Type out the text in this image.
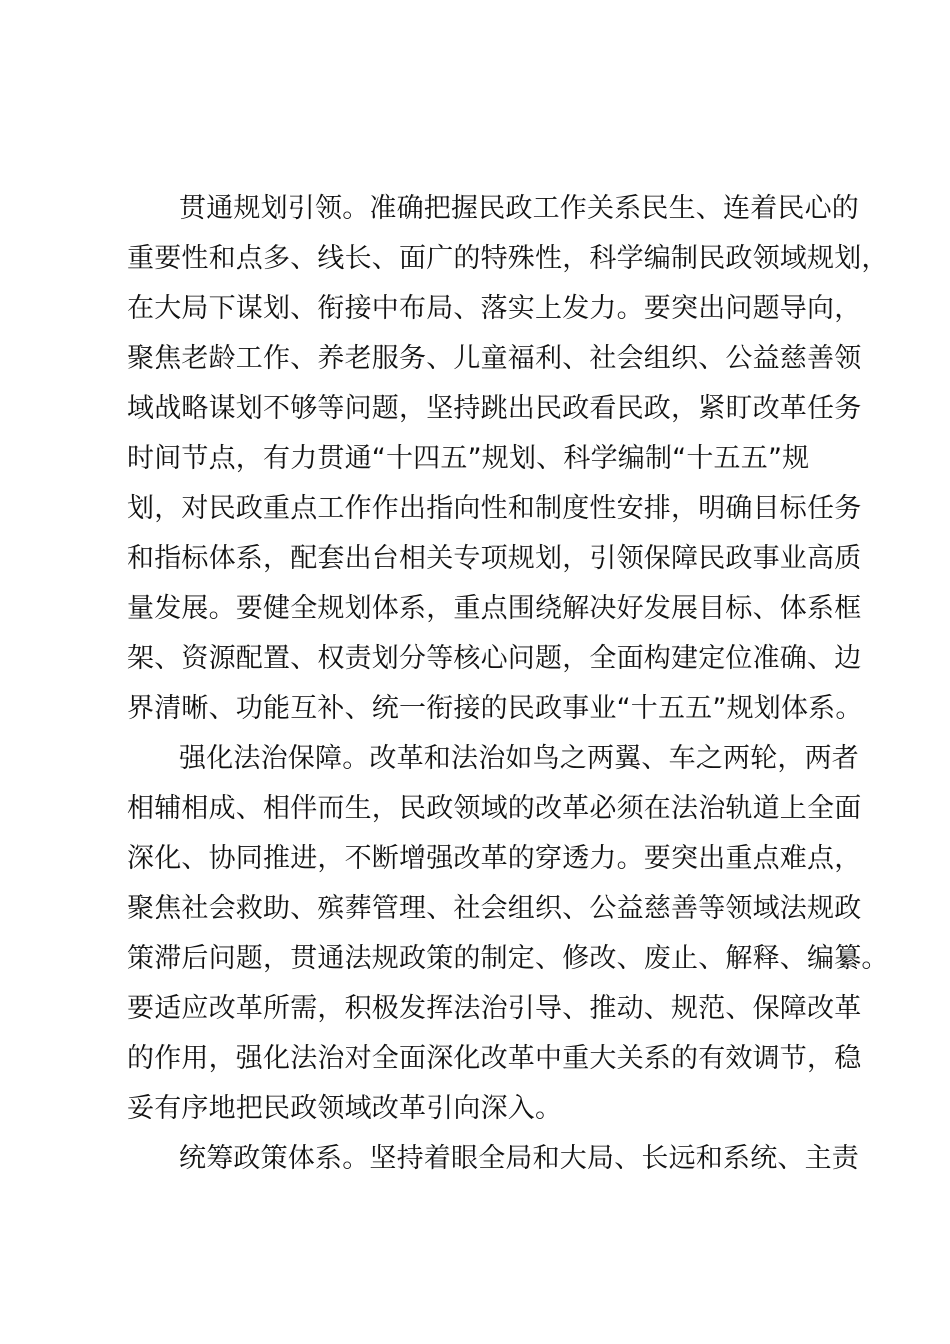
贯通规划引领。准确把握民政工作关系民生、连着民心的
重要性和点多、线长、面广的特殊性，科学编制民政领域规划，
在大局下谋划、衔接中布局、落实上发力。要突出问题导向，
聚焦老龄工作、养老服务、儿童福利、社会组织、公益慈善领
域战略谋划不够等问题，坚持跳出民政看民政，紧盯改革任务
时间节点，有力贯通“十四五”规划、科学编制“十五五”规
划，对民政重点工作作出指向性和制度性安排，明确目标任务
和指标体系，配套出台相关专项规划，引领保障民政事业高质
量发展。要健全规划体系，重点围绕解决好发展目标、体系框
架、资源配置、权责划分等核心问题，全面构建定位准确、边
界清晰、功能互补、统一衔接的民政事业“十五五”规划体系。
强化法治保障。改革和法治如鸟之两翼、车之两轮，两者
相辅相成、相伴而生，民政领域的改革必须在法治轨道上全面
深化、协同推进，不断增强改革的穿透力。要突出重点难点，
聚焦社会救助、殡葬管理、社会组织、公益慈善等领域法规政
策滞后问题，贯通法规政策的制定、修改、废止、解释、编纂。
要适应改革所需，积极发挥法治引导、推动、规范、保障改革
的作用，强化法治对全面深化改革中重大关系的有效调节，稳
妥有序地把民政领域改革引向深入。
统筹政策体系。坚持着眼全局和大局、长远和系统、主责
